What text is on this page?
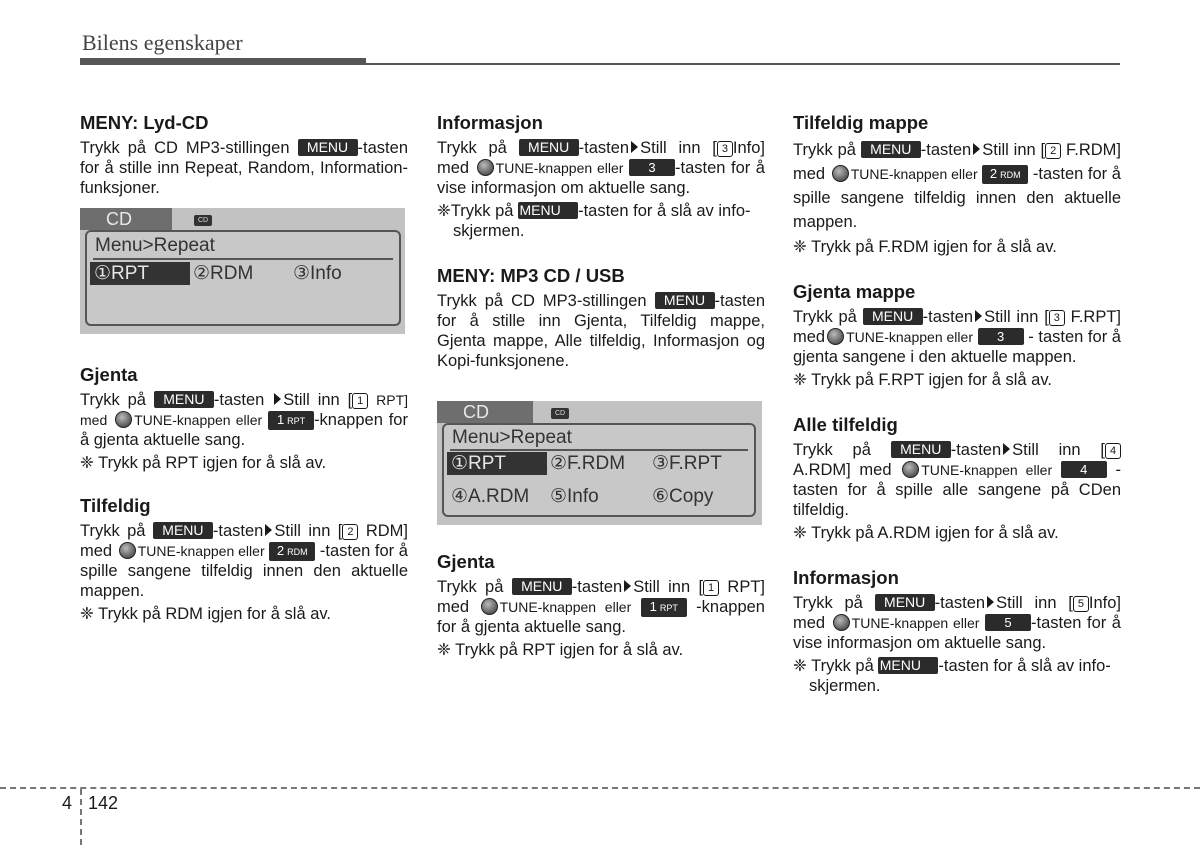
Bilens egenskaper
MENY: Lyd-CD

Trykk på CD MP3-stillingen MENU -tasten for å stille inn Repeat, Random, Information-funksjoner.

CD	CD
Menu>Repeat
①RPT	②RDM ③Info
Gjenta

Trykk på MENU -tasten Still inn [ 1 RPT] med TUNE-knappen eller 1 RPT -knappen for å gjenta aktuelle sang.

❈ Trykk på RPT igjen for å slå av.
Tilfeldig

Trykk på MENU -tasten Still inn [ 2 RDM] med TUNE-knappen eller 2 RDM -tasten for å spille sangene tilfeldig innen den aktuelle mappen.

❈ Trykk på RDM igjen for å slå av.
Informasjon

Trykk på MENU -tasten Still inn [ 3 Info] med TUNE-knappen eller 3 -tasten for å vise informasjon om aktuelle sang.

❈Trykk på MENU -tasten for å slå av info-skjermen.
MENY: MP3 CD / USB

Trykk på CD MP3-stillingen MENU -tasten for å stille inn Gjenta, Tilfeldig mappe, Gjenta mappe, Alle tilfeldig, Informasjon og Kopi-funksjonene.

CD	CD
Menu>Repeat
①RPT	②F.RDM ③F.RPT
④A.RDM ⑤Info	⑥Copy
Gjenta

Trykk på MENU -tasten Still inn [ 1 RPT] med TUNE-knappen eller 1 RPT -knappen for å gjenta aktuelle sang.

❈ Trykk på RPT igjen for å slå av.
Tilfeldig mappe

Trykk på MENU -tasten Still inn [ 2 F.RDM] med TUNE-knappen eller 2 RDM -tasten for å spille sangene tilfeldig innen den aktuelle mappen.

❈ Trykk på F.RDM igjen for å slå av.
Gjenta mappe

Trykk på MENU -tasten Still inn [ 3 F.RPT] med TUNE-knappen eller 3 - tasten for å gjenta sangene i den aktuelle mappen.

❈ Trykk på F.RPT igjen for å slå av.
Alle tilfeldig

Trykk på MENU -tasten Still inn [ 4 A.RDM] med TUNE-knappen eller 4 -tasten for å spille alle sangene på CDen tilfeldig.

❈ Trykk på A.RDM igjen for å slå av.
Informasjon

Trykk på MENU -tasten Still inn [ 5 Info] med TUNE-knappen eller 5 -tasten for å vise informasjon om aktuelle sang.

❈ Trykk på MENU -tasten for å slå av info-skjermen.
4 142
